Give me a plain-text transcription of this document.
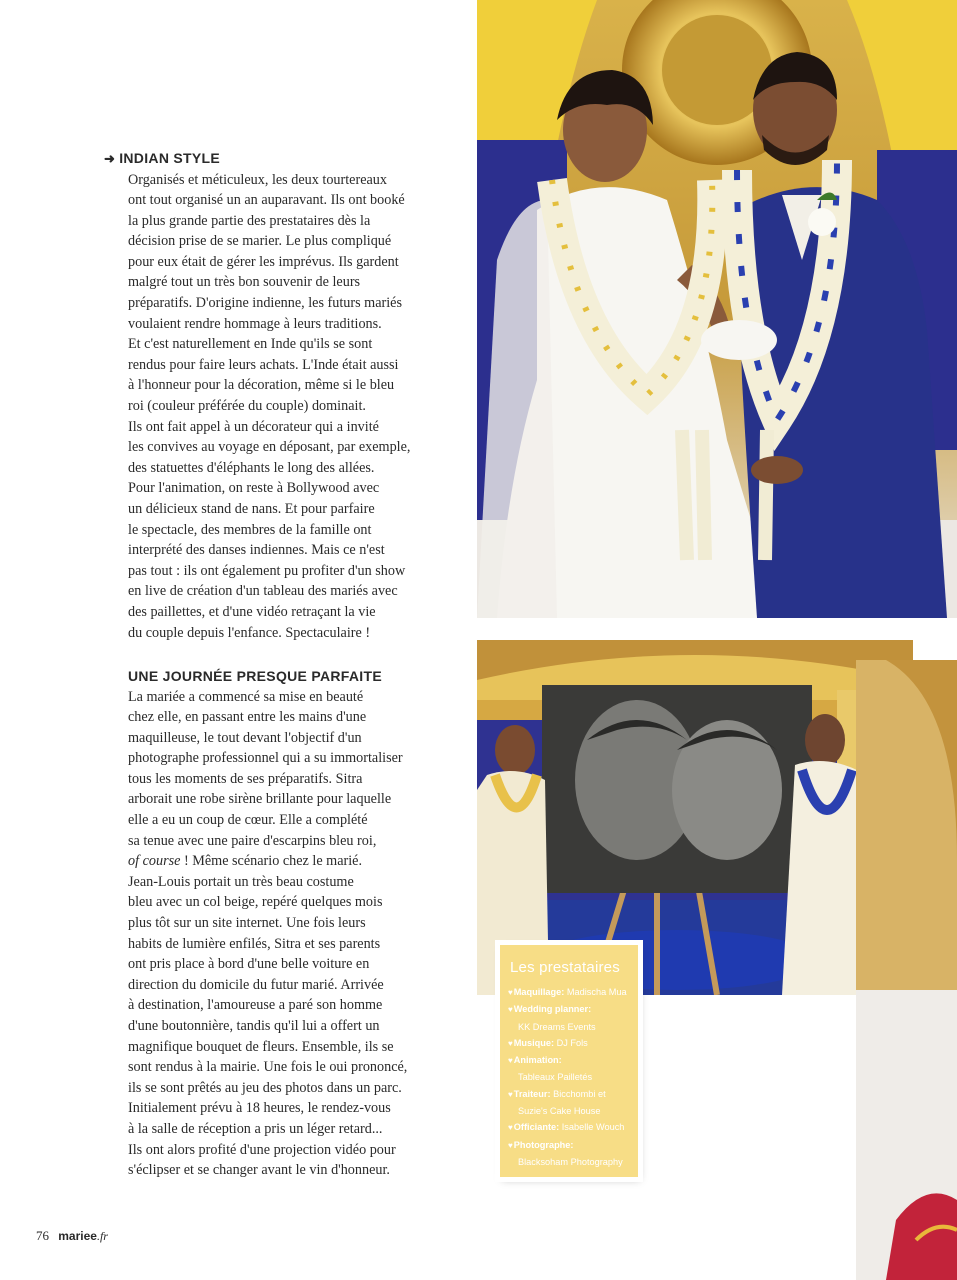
➜ INDIAN STYLE

Organisés et méticuleux, les deux tourtereaux

ont tout organisé un an auparavant. Ils ont booké

la plus grande partie des prestataires dès la

décision prise de se marier. Le plus compliqué

pour eux était de gérer les imprévus. Ils gardent

malgré tout un très bon souvenir de leurs

préparatifs. D'origine indienne, les futurs mariés

voulaient rendre hommage à leurs traditions.

Et c'est naturellement en Inde qu'ils se sont

rendus pour faire leurs achats. L'Inde était aussi

à l'honneur pour la décoration, même si le bleu

roi (couleur préférée du couple) dominait.

Ils ont fait appel à un décorateur qui a invité

les convives au voyage en déposant, par exemple,

des statuettes d'éléphants le long des allées.

Pour l'animation, on reste à Bollywood avec

un délicieux stand de nans. Et pour parfaire

le spectacle, des membres de la famille ont

interprété des danses indiennes. Mais ce n'est

pas tout : ils ont également pu profiter d'un show

en live de création d'un tableau des mariés avec

des paillettes, et d'une vidéo retraçant la vie

du couple depuis l'enfance. Spectaculaire !

UNE JOURNÉE PRESQUE PARFAITE

La mariée a commencé sa mise en beauté

chez elle, en passant entre les mains d'une

maquilleuse, le tout devant l'objectif d'un

photographe professionnel qui a su immortaliser

tous les moments de ses préparatifs. Sitra

arborait une robe sirène brillante pour laquelle

elle a eu un coup de cœur. Elle a complété

sa tenue avec une paire d'escarpins bleu roi,

of course ! Même scénario chez le marié.

Jean-Louis portait un très beau costume

bleu avec un col beige, repéré quelques mois

plus tôt sur un site internet. Une fois leurs

habits de lumière enfilés, Sitra et ses parents

ont pris place à bord d'une belle voiture en

direction du domicile du futur marié. Arrivée

à destination, l'amoureuse a paré son homme

d'une boutonnière, tandis qu'il lui a offert un

magnifique bouquet de fleurs. Ensemble, ils se

sont rendus à la mairie. Une fois le oui prononcé,

ils se sont prêtés au jeu des photos dans un parc.

Initialement prévu à 18 heures, le rendez-vous

à la salle de réception a pris un léger retard...

Ils ont alors profité d'une projection vidéo pour

s'éclipser et se changer avant le vin d'honneur.

Les prestataires
♥Maquillage: Madischa Mua
♥Wedding planner:
KK Dreams Events
♥Musique: DJ Fols
♥Animation:
Tableaux Pailletés
♥Traiteur: Bicchombi et
Suzie's Cake House
♥Officiante: Isabelle Wouch
♥Photographe:
Blacksoham Photography
76 mariee.fr
